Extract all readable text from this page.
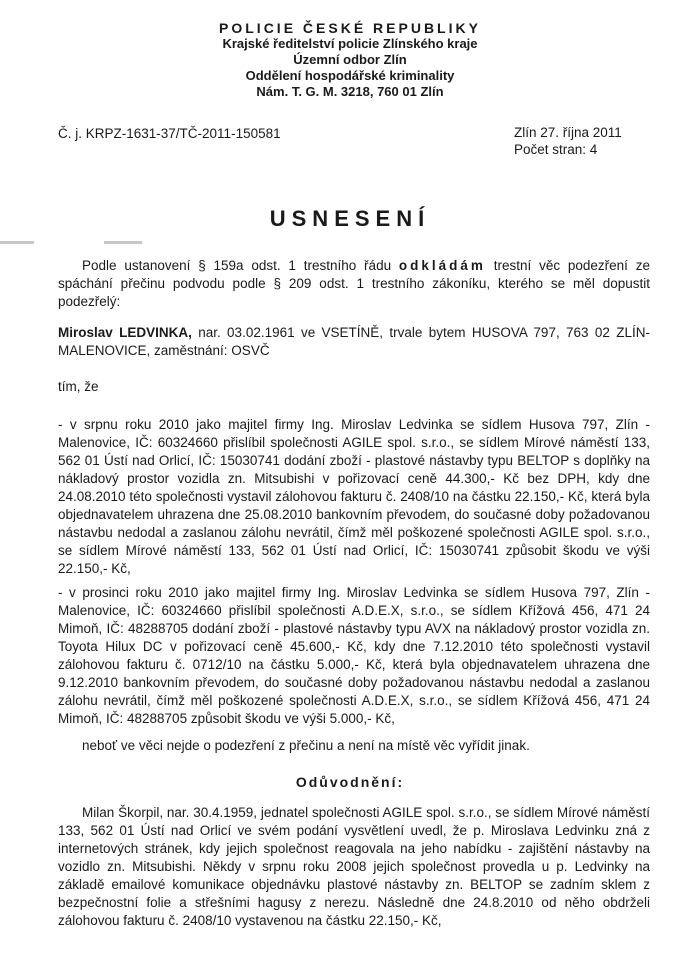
POLICIE ČESKÉ REPUBLIKY
Krajské ředitelství policie Zlínského kraje
Územní odbor Zlín
Oddělení hospodářské kriminality
Nám. T. G. M. 3218, 760 01 Zlín
Č. j. KRPZ-1631-37/TČ-2011-150581	Zlín 27. října 2011
Počet stran: 4
USNESENÍ
Podle ustanovení § 159a odst. 1 trestního řádu odkládám trestní věc podezření ze spáchání přečinu podvodu podle § 209 odst. 1 trestního zákoníku, kterého se měl dopustit podezřelý:
Miroslav LEDVINKA, nar. 03.02.1961 ve VSETÍNĚ, trvale bytem HUSOVA 797, 763 02 ZLÍN-MALENOVICE, zaměstnání: OSVČ
tím, že
- v srpnu roku 2010 jako majitel firmy Ing. Miroslav Ledvinka se sídlem Husova 797, Zlín - Malenovice, IČ: 60324660 přislíbil společnosti AGILE spol. s.r.o., se sídlem Mírové náměstí 133, 562 01 Ústí nad Orlicí, IČ: 15030741 dodání zboží - plastové nástavby typu BELTOP s doplňky na nákladový prostor vozidla zn. Mitsubishi v pořizovací ceně 44.300,- Kč bez DPH, kdy dne 24.08.2010 této společnosti vystavil zálohovou fakturu č. 2408/10 na částku 22.150,- Kč, která byla objednavatelem uhrazena dne 25.08.2010 bankovním převodem, do současné doby požadovanou nástavbu nedodal a zaslanou zálohu nevrátil, čímž měl poškozené společnosti AGILE spol. s.r.o., se sídlem Mírové náměstí 133, 562 01 Ústí nad Orlicí, IČ: 15030741 způsobit škodu ve výši 22.150,- Kč,
- v prosinci roku 2010 jako majitel firmy Ing. Miroslav Ledvinka se sídlem Husova 797, Zlín - Malenovice, IČ: 60324660 přislíbil společnosti A.D.E.X, s.r.o., se sídlem Křížová 456, 471 24 Mimoň, IČ: 48288705 dodání zboží - plastové nástavby typu AVX na nákladový prostor vozidla zn. Toyota Hilux DC v pořizovací ceně 45.600,- Kč, kdy dne 7.12.2010 této společnosti vystavil zálohovou fakturu č. 0712/10 na částku 5.000,- Kč, která byla objednavatelem uhrazena dne 9.12.2010 bankovním převodem, do současné doby požadovanou nástavbu nedodal a zaslanou zálohu nevrátil, čímž měl poškozené společnosti A.D.E.X, s.r.o., se sídlem Křížová 456, 471 24 Mimoň, IČ: 48288705 způsobit škodu ve výši 5.000,- Kč,
neboť ve věci nejde o podezření z přečinu a není na místě věc vyřídit jinak.
Odůvodnění:
Milan Škorpil, nar. 30.4.1959, jednatel společnosti AGILE spol. s.r.o., se sídlem Mírové náměstí 133, 562 01 Ústí nad Orlicí ve svém podání vysvětlení uvedl, že p. Miroslava Ledvinku zná z internetových stránek, kdy jejich společnost reagovala na jeho nabídku - zajištění nástavby na vozidlo zn. Mitsubishi. Někdy v srpnu roku 2008 jejich společnost provedla u p. Ledvinky na základě emailové komunikace objednávku plastové nástavby zn. BELTOP se zadním sklem z bezpečnostní folie a střešními hagusy z nerezu. Následně dne 24.8.2010 od něho obdrželi zálohovou fakturu č. 2408/10 vystavenou na částku 22.150,- Kč,
